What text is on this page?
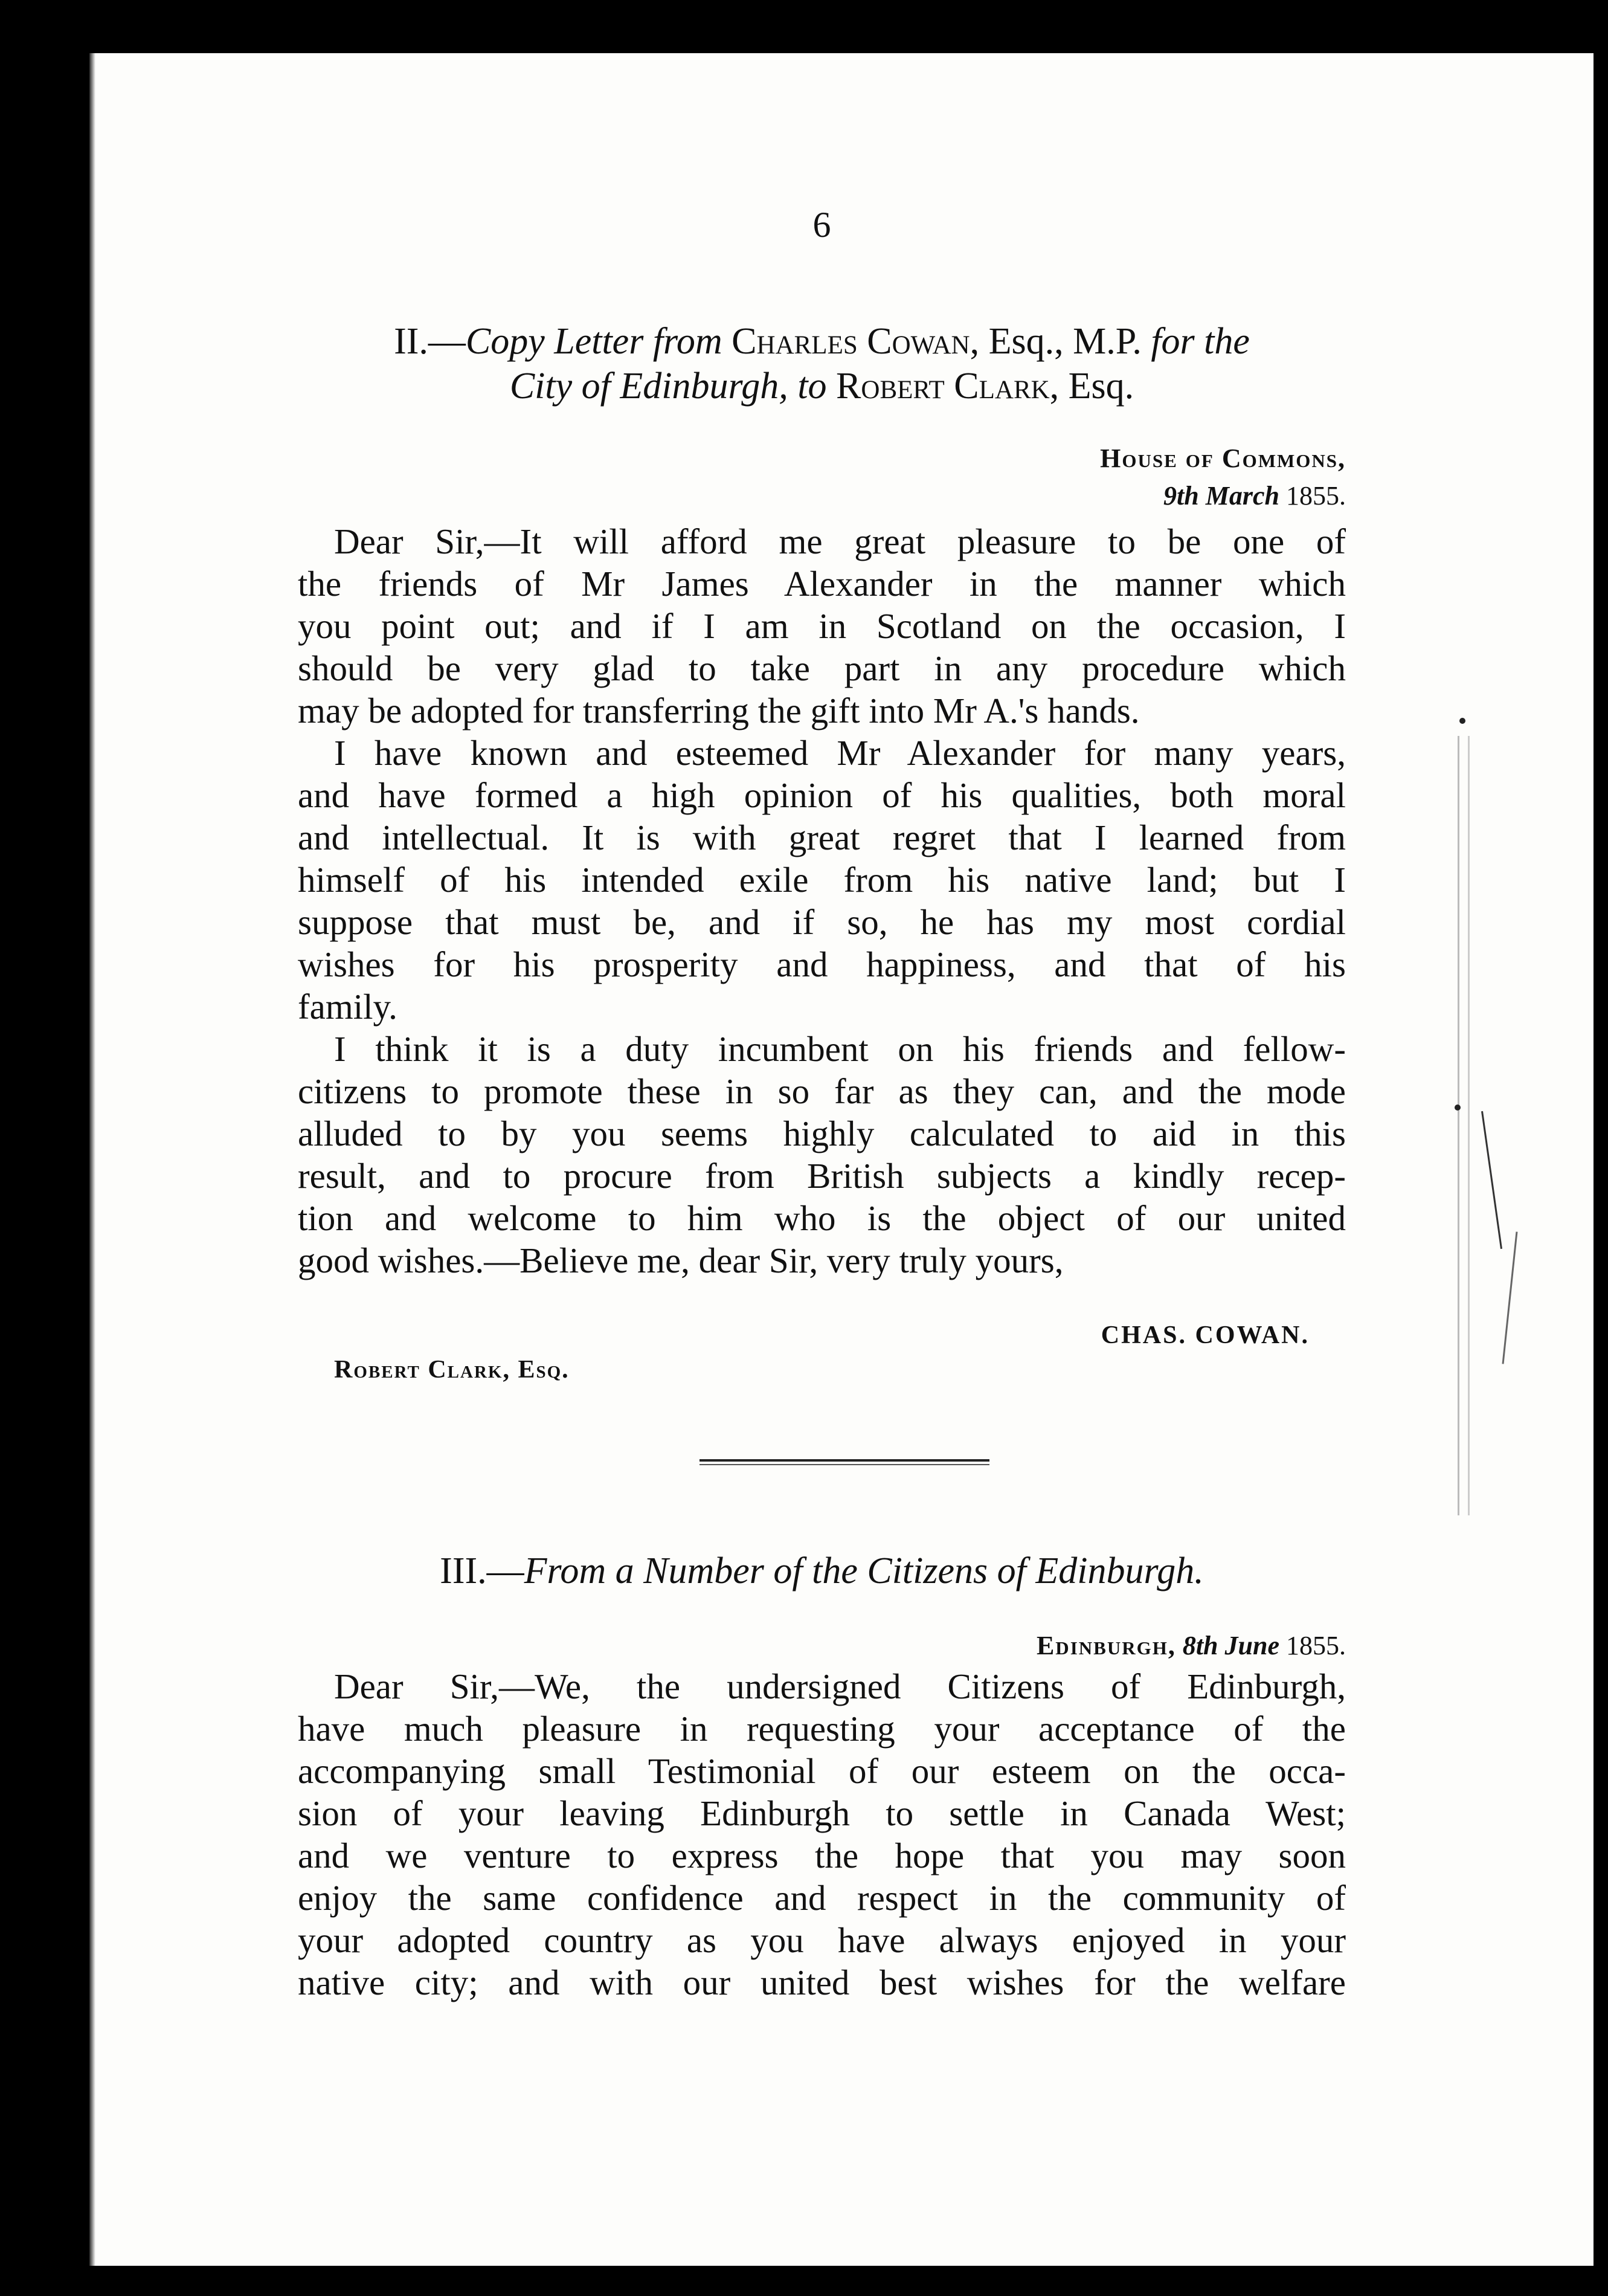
6
II.—Copy Letter from Charles Cowan, Esq., M.P. for the
City of Edinburgh, to Robert Clark, Esq.
House of Commons,
9th March 1855.
Dear Sir,—It will afford me great pleasure to be one of
the friends of Mr James Alexander in the manner which
you point out; and if I am in Scotland on the occasion, I
should be very glad to take part in any procedure which
may be adopted for transferring the gift into Mr A.'s hands.
I have known and esteemed Mr Alexander for many years,
and have formed a high opinion of his qualities, both moral
and intellectual. It is with great regret that I learned from
himself of his intended exile from his native land; but I
suppose that must be, and if so, he has my most cordial
wishes for his prosperity and happiness, and that of his
family.
I think it is a duty incumbent on his friends and fellow-
citizens to promote these in so far as they can, and the mode
alluded to by you seems highly calculated to aid in this
result, and to procure from British subjects a kindly recep-
tion and welcome to him who is the object of our united
good wishes.—Believe me, dear Sir, very truly yours,
CHAS. COWAN.
Robert Clark, Esq.
III.—From a Number of the Citizens of Edinburgh.
Edinburgh, 8th June 1855.
Dear Sir,—We, the undersigned Citizens of Edinburgh,
have much pleasure in requesting your acceptance of the
accompanying small Testimonial of our esteem on the occa-
sion of your leaving Edinburgh to settle in Canada West;
and we venture to express the hope that you may soon
enjoy the same confidence and respect in the community of
your adopted country as you have always enjoyed in your
native city; and with our united best wishes for the welfare
